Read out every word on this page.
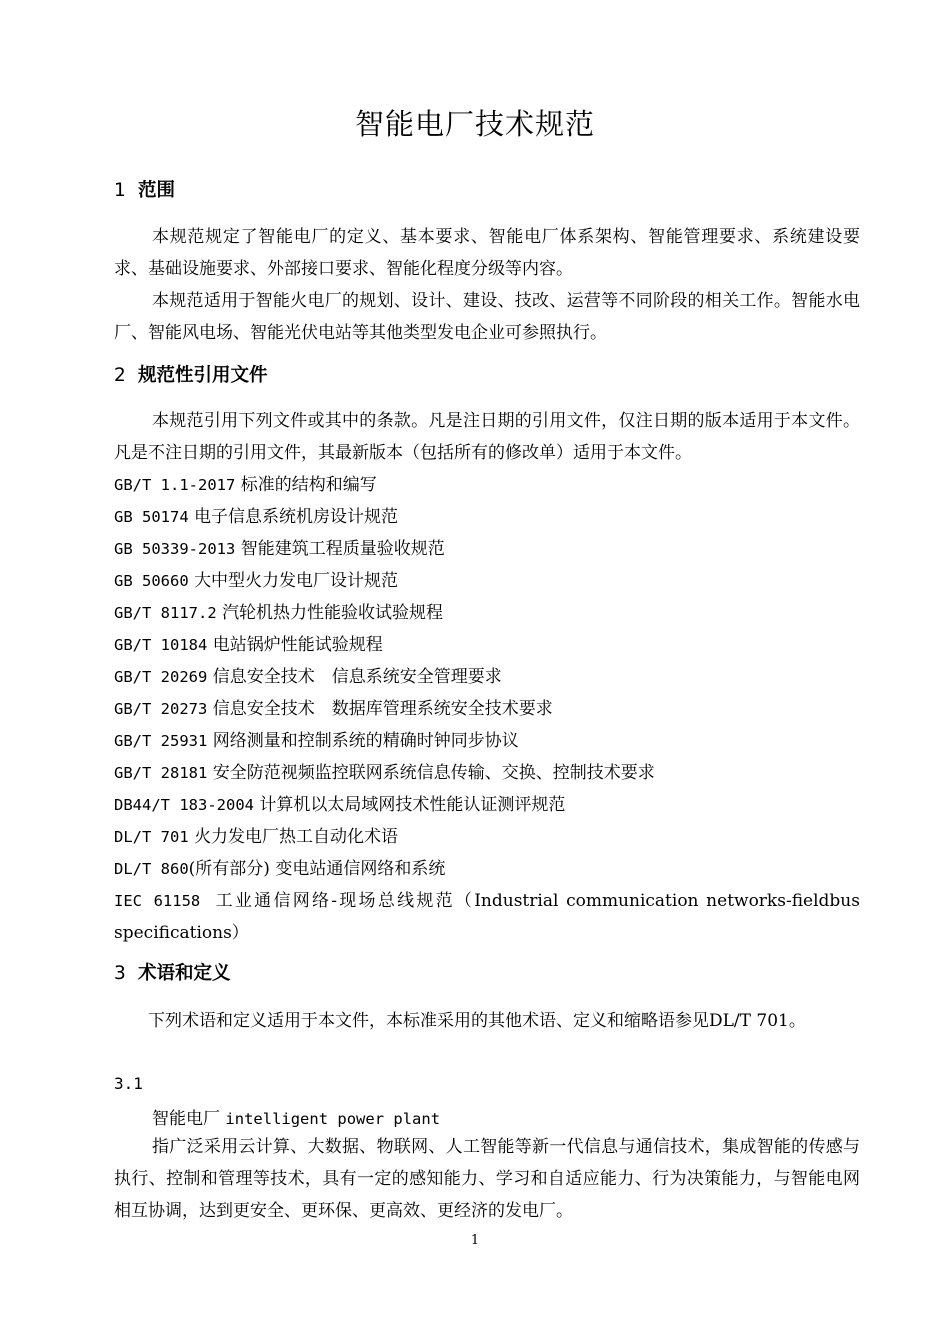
智能电厂技术规范
1 范围
本规范规定了智能电厂的定义、基本要求、智能电厂体系架构、智能管理要求、系统建设要求、基础设施要求、外部接口要求、智能化程度分级等内容。
本规范适用于智能火电厂的规划、设计、建设、技改、运营等不同阶段的相关工作。智能水电厂、智能风电场、智能光伏电站等其他类型发电企业可参照执行。
2 规范性引用文件
本规范引用下列文件或其中的条款。凡是注日期的引用文件，仅注日期的版本适用于本文件。凡是不注日期的引用文件，其最新版本（包括所有的修改单）适用于本文件。
GB/T 1.1-2017 标准的结构和编写
GB 50174 电子信息系统机房设计规范
GB 50339-2013 智能建筑工程质量验收规范
GB 50660 大中型火力发电厂设计规范
GB/T 8117.2 汽轮机热力性能验收试验规程
GB/T 10184 电站锅炉性能试验规程
GB/T 20269 信息安全技术　信息系统安全管理要求
GB/T 20273 信息安全技术　数据库管理系统安全技术要求
GB/T 25931 网络测量和控制系统的精确时钟同步协议
GB/T 28181 安全防范视频监控联网系统信息传输、交换、控制技术要求
DB44/T 183-2004 计算机以太局域网技术性能认证测评规范
DL/T 701 火力发电厂热工自动化术语
DL/T 860(所有部分) 变电站通信网络和系统
IEC 61158 工业通信网络-现场总线规范（Industrial communication networks-fieldbus specifications）
3 术语和定义
下列术语和定义适用于本文件，本标准采用的其他术语、定义和缩略语参见DL/T 701。
3.1
智能电厂 intelligent power plant
指广泛采用云计算、大数据、物联网、人工智能等新一代信息与通信技术，集成智能的传感与执行、控制和管理等技术，具有一定的感知能力、学习和自适应能力、行为决策能力，与智能电网相互协调，达到更安全、更环保、更高效、更经济的发电厂。
1
